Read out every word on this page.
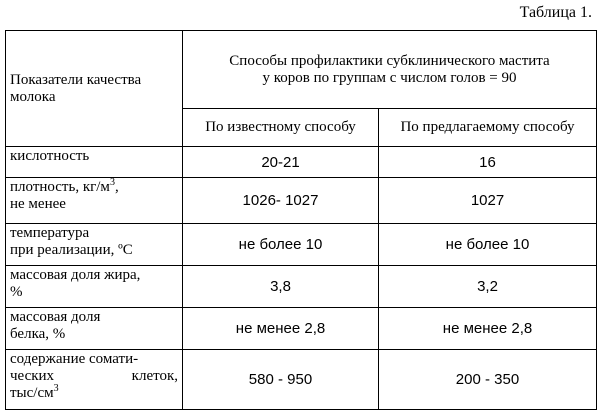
Таблица 1.
Показатели качества молока	Способы профилактики субклинического мастита
у коров по группам с числом голов = 90	

	По известному способу	По предлагаемому способу
кислотность	20-21	16

плотность, $кг/м^3$,
не менее	1026- 1027	1027

температура
при реализации, ºС	не более 10	не более 10

массовая доля жира,
%	3,8	3,2

массовая доля
белка, %	не менее 2,8	не менее 2,8

содержание сомати-
ческих клеток,
тыс/$см^3$	580 - 950	200 - 350
